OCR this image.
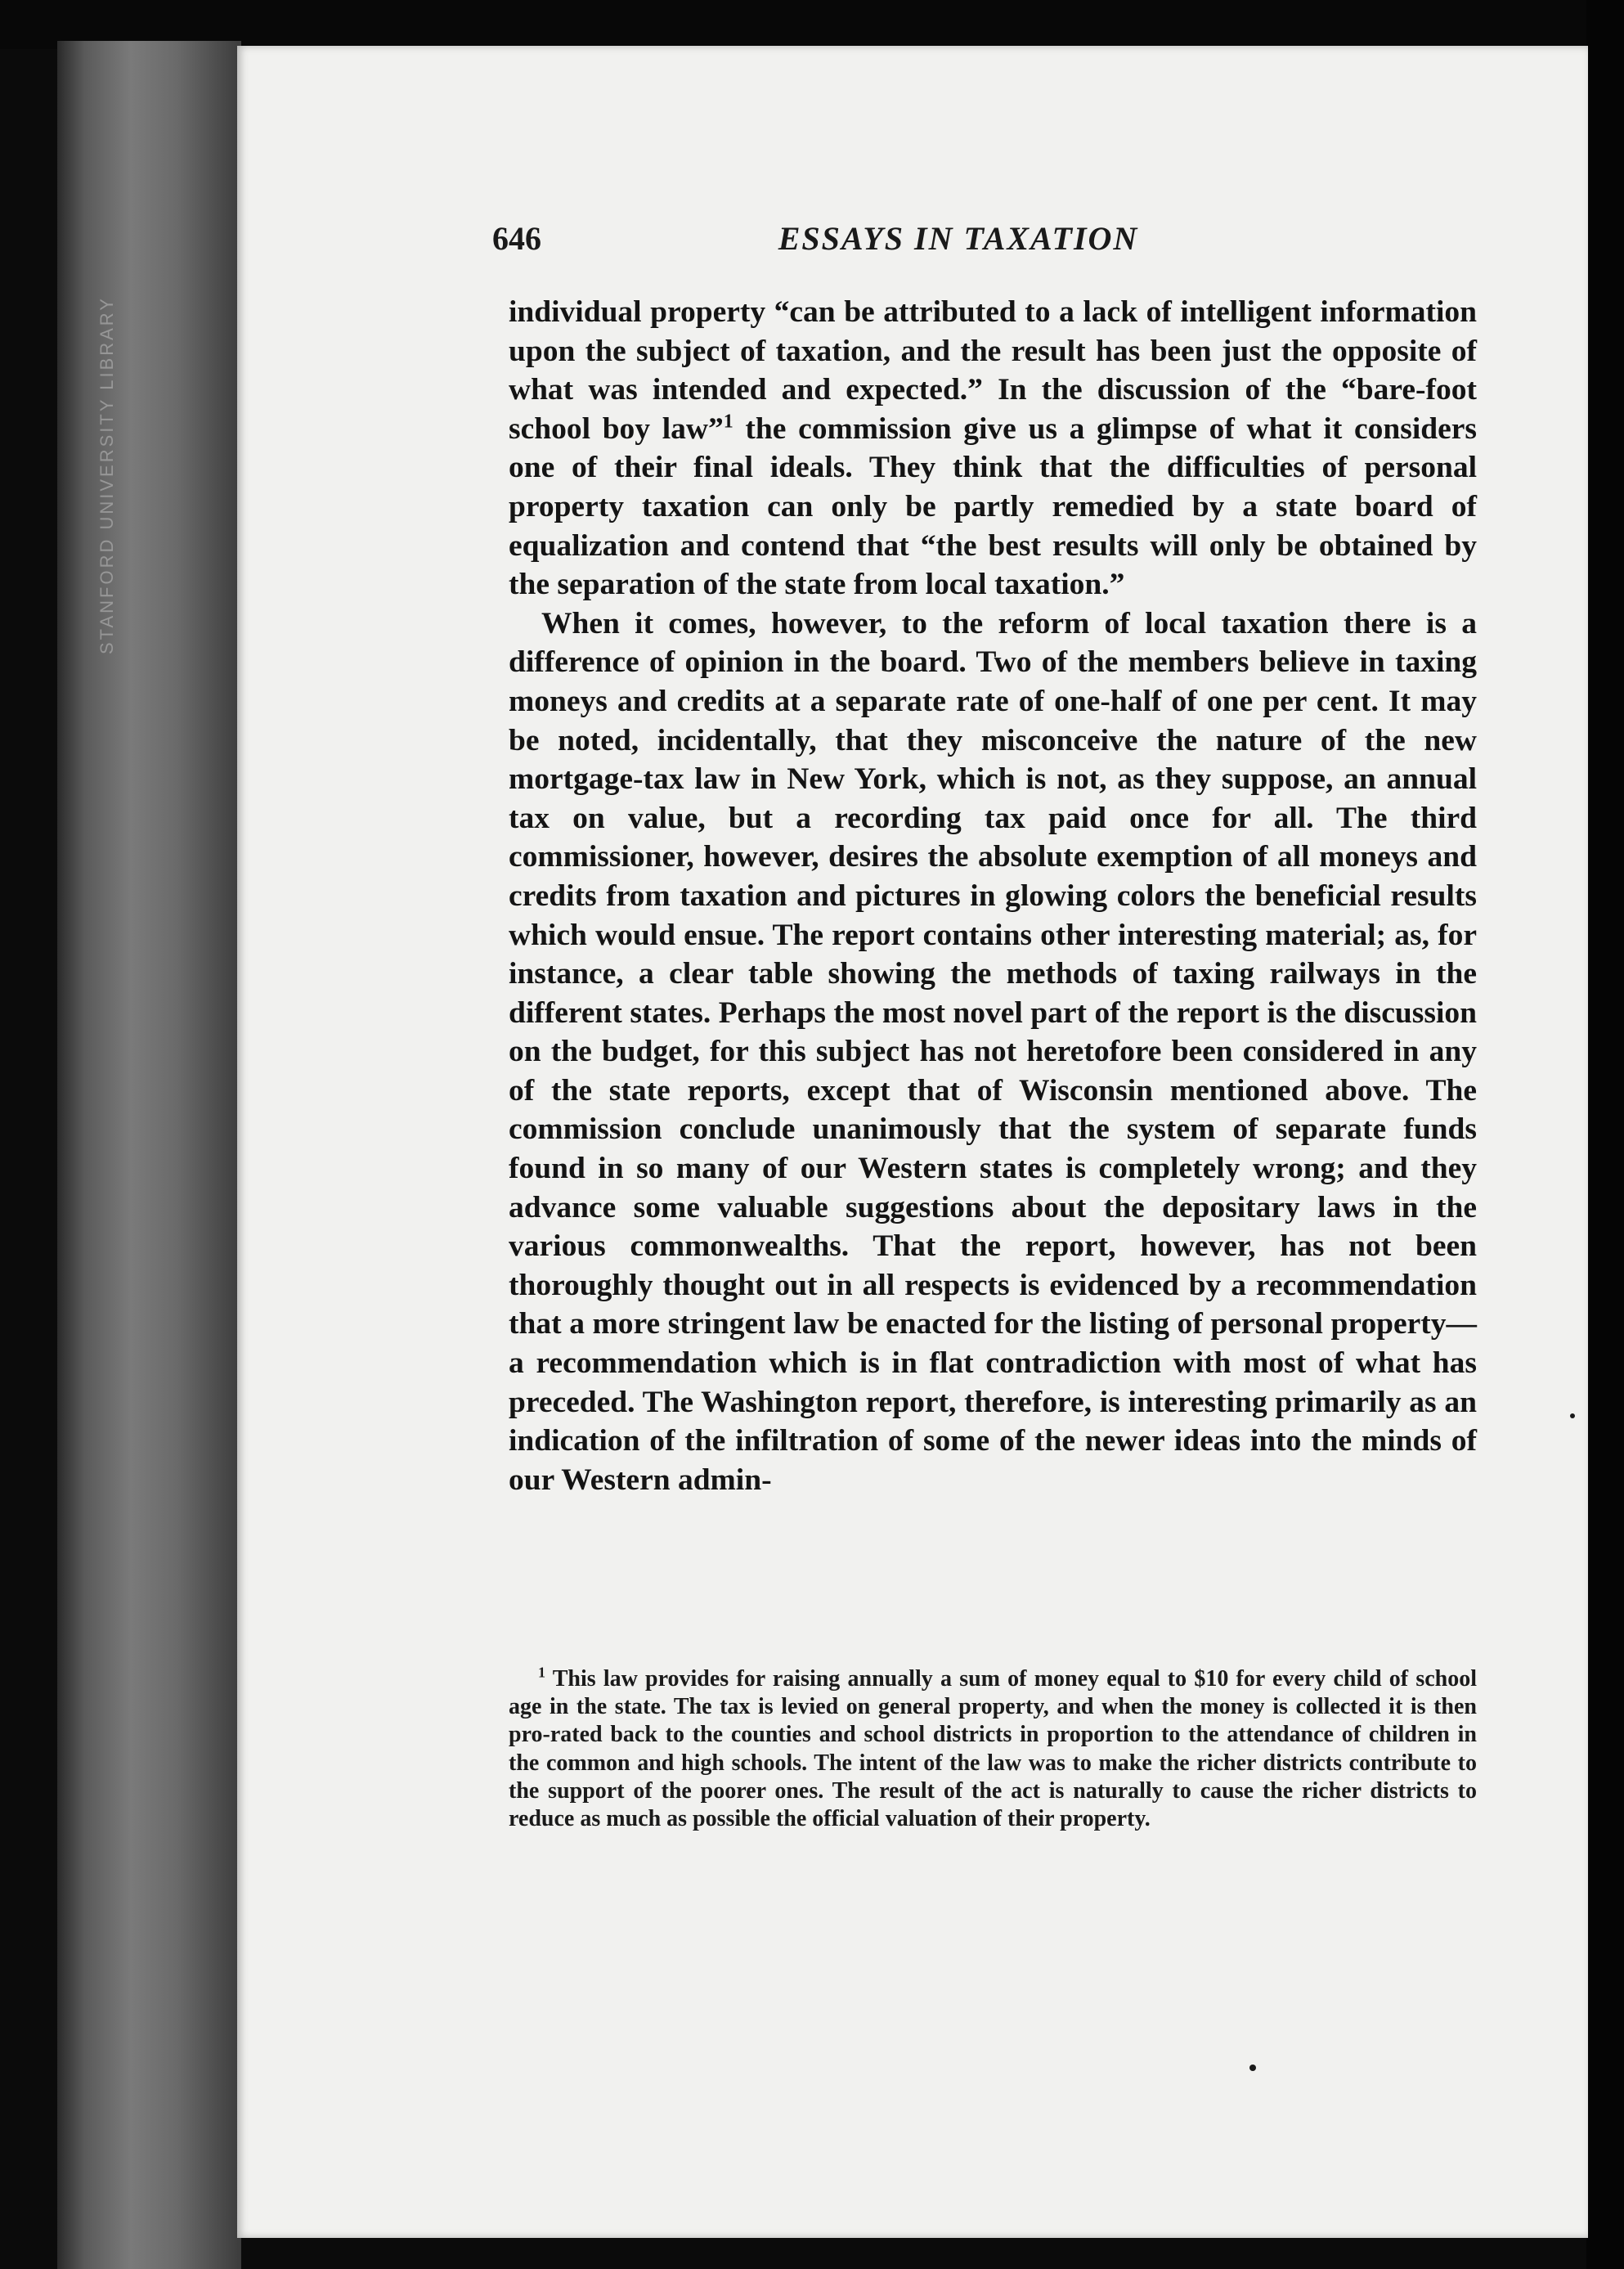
STANFORD UNIVERSITY LIBRARY
646	ESSAYS IN TAXATION

individual property “can be attributed to a lack of intelligent information upon the subject of taxation, and the result has been just the opposite of what was intended and expected.” In the discussion of the “bare-foot school boy law”$^1$ the commission give us a glimpse of what it considers one of their final ideals. They think that the difficulties of personal property taxation can only be partly remedied by a state board of equalization and contend that “the best results will only be obtained by the separation of the state from local taxation.”

When it comes, however, to the reform of local taxation there is a difference of opinion in the board. Two of the members believe in taxing moneys and credits at a separate rate of one-half of one per cent. It may be noted, incidentally, that they misconceive the nature of the new mortgage-tax law in New York, which is not, as they suppose, an annual tax on value, but a recording tax paid once for all. The third commissioner, however, desires the absolute exemption of all moneys and credits from taxation and pictures in glowing colors the beneficial results which would ensue. The report contains other interesting material; as, for instance, a clear table showing the methods of taxing railways in the different states. Perhaps the most novel part of the report is the discussion on the budget, for this subject has not heretofore been considered in any of the state reports, except that of Wisconsin mentioned above. The commission conclude unanimously that the system of separate funds found in so many of our Western states is completely wrong; and they advance some valuable suggestions about the depositary laws in the various commonwealths. That the report, however, has not been thoroughly thought out in all respects is evidenced by a recommendation that a more stringent law be enacted for the listing of personal property—a recommendation which is in flat contradiction with most of what has preceded. The Washington report, therefore, is interesting primarily as an indication of the infiltration of some of the newer ideas into the minds of our Western admin-

$^1$ This law provides for raising annually a sum of money equal to $10 for every child of school age in the state. The tax is levied on general property, and when the money is collected it is then pro-rated back to the counties and school districts in proportion to the attendance of children in the common and high schools. The intent of the law was to make the richer districts contribute to the support of the poorer ones. The result of the act is naturally to cause the richer districts to reduce as much as possible the official valuation of their property.
